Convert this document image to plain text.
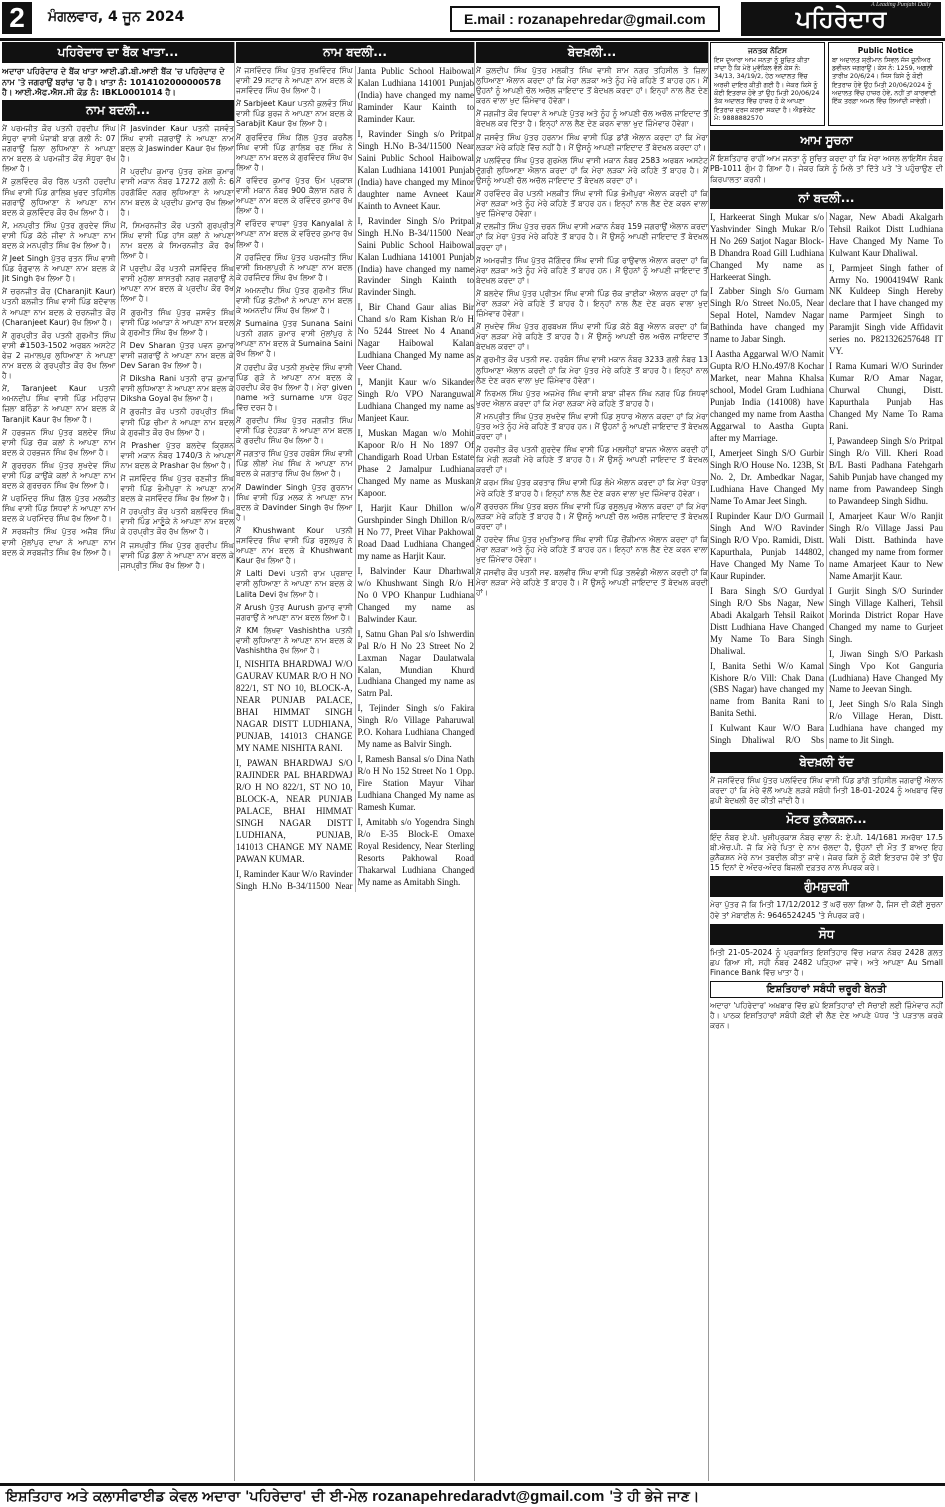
2	ਮੰਗਲਵਾਰ, 4 ਜੂਨ 2024	E.mail : rozanapehredar@gmail.com	ਪਹਿਰੇਦਾਰ
A Leading Punjabi Daily
ਪਹਿਰੇਦਾਰ ਦਾ ਬੈਂਕ ਖਾਤਾ...

ਅਦਾਰਾ ਪਹਿਰੇਦਾਰ ਦੇ ਬੈਂਕ ਖਾਤਾ ਆਈ.ਡੀ.ਬੀ.ਆਈ ਬੈਂਕ 'ਚ ਪਹਿਰੇਦਾਰ ਦੇ ਨਾਮ 'ਤੇ ਜਗਰਾਉਂ ਬਰਾਂਚ 'ਚ ਹੈ। ਖਾਤਾ ਨੰ: 1014102000000578 ਹੈ। ਆਈ.ਐਫ.ਐਸ.ਸੀ ਕੋਡ ਨੰ: IBKL0001014 ਹੈ।

ਨਾਮ ਬਦਲੀ...

ਮੈਂ ਪਰਮਜੀਤ ਕੌਰ ਪਤਨੀ ਹਰਦੀਪ ਸਿੰਘ ਸੰਧੂਰਾ ਵਾਸੀ ਪੰਜਾਬੀ ਬਾਗ ਗਲੀ ਨੰ: 07 ਜਗਰਾਉਂ ਜ਼ਿਲਾ ਲੁਧਿਆਣਾ ਨੇ ਆਪਣਾ ਨਾਮ ਬਦਲ ਕੇ ਪਰਮਜੀਤ ਕੌਰ ਸੰਧੂਰਾ ਰੱਖ ਲਿਆ ਹੈ।

ਮੈਂ ਕੁਲਵਿੰਦਰ ਕੌਰ ਰਿੱਲ ਪਤਨੀ ਹਰਦੀਪ ਸਿੰਘ ਵਾਸੀ ਪਿੰਡ ਗਾਲਿਬ ਖੁਰਦ ਤਹਿਸੀਲ ਜਗਰਾਉਂ ਲੁਧਿਆਣਾ ਨੇ ਆਪਣਾ ਨਾਮ ਬਦਲ ਕੇ ਕੁਲਵਿੰਦਰ ਕੌਰ ਰੱਖ ਲਿਆ ਹੈ।

ਮੈਂ, ਮਨਪ੍ਰੀਤ ਸਿੰਘ ਪੁੱਤਰ ਗੁਰਦੇਵ ਸਿੰਘ ਵਾਸੀ ਪਿੰਡ ਕੋਠੇ ਜੀਵਾ ਨੇ ਆਪਣਾ ਨਾਮ ਬਦਲ ਕੇ ਮਨਪ੍ਰੀਤ ਸਿੰਘ ਰੱਖ ਲਿਆ ਹੈ।

ਮੈਂ Jeet Singh ਪੁੱਤਰ ਰਤਨ ਸਿੰਘ ਵਾਸੀ ਪਿੰਡ ਰੰਗੂਵਾਲ ਨੇ ਆਪਣਾ ਨਾਮ ਬਦਲ ਕੇ Jit Singh ਰੱਖ ਲਿਆ ਹੈ।

ਮੈਂ ਚਰਨਜੀਤ ਕੌਰ (Charanjit Kaur) ਪਤਨੀ ਬਲਜੀਤ ਸਿੰਘ ਵਾਸੀ ਪਿੰਡ ਬਦੋਵਾਲ ਨੇ ਆਪਣਾ ਨਾਮ ਬਦਲ ਕੇ ਚਰਨਜੀਤ ਕੌਰ (Charanjeet Kaur) ਰੱਖ ਲਿਆ ਹੈ।

ਮੈਂ ਗੁਰਪ੍ਰੀਤ ਕੌਰ ਪਤਨੀ ਗੁਰਮੀਤ ਸਿੰਘ ਵਾਸੀ #1503-1502 ਅਰਬਨ ਅਸਟੇਟ ਫੇਜ਼ 2 ਜਮਾਲਪੁਰ ਲੁਧਿਆਣਾ ਨੇ ਆਪਣਾ ਨਾਮ ਬਦਲ ਕੇ ਗੁਰਪ੍ਰੀਤ ਕੌਰ ਰੱਖ ਲਿਆ ਹੈ।

ਮੈਂ, Taranjeet Kaur ਪਤਨੀ ਅਮਨਦੀਪ ਸਿੰਘ ਵਾਸੀ ਪਿੰਡ ਮਹਿਰਾਜ ਜ਼ਿਲਾ ਬਠਿੰਡਾ ਨੇ ਆਪਣਾ ਨਾਮ ਬਦਲ ਕੇ Taranjit Kaur ਰੱਖ ਲਿਆ ਹੈ।

ਮੈਂ ਹਰਭਜਨ ਸਿੰਘ ਪੁੱਤਰ ਬਲਦੇਵ ਸਿੰਘ ਵਾਸੀ ਪਿੰਡ ਚੱਕ ਕਲਾਂ ਨੇ ਆਪਣਾ ਨਾਮ ਬਦਲ ਕੇ ਹਰਭਜਨ ਸਿੰਘ ਰੱਖ ਲਿਆ ਹੈ।

ਮੈਂ ਗੁਰਚਰਨ ਸਿੰਘ ਪੁੱਤਰ ਸੁਖਦੇਵ ਸਿੰਘ ਵਾਸੀ ਪਿੰਡ ਕਾਉਂਕੇ ਕਲਾਂ ਨੇ ਆਪਣਾ ਨਾਮ ਬਦਲ ਕੇ ਗੁਰਚਰਨ ਸਿੰਘ ਰੱਖ ਲਿਆ ਹੈ।

ਮੈਂ ਪਰਮਿੰਦਰ ਸਿੰਘ ਗਿੱਲ ਪੁੱਤਰ ਮਲਕੀਤ ਸਿੰਘ ਵਾਸੀ ਪਿੰਡ ਸਿਧਵਾਂ ਨੇ ਆਪਣਾ ਨਾਮ ਬਦਲ ਕੇ ਪਰਮਿੰਦਰ ਸਿੰਘ ਰੱਖ ਲਿਆ ਹੈ।

ਮੈਂ ਸਰਬਜੀਤ ਸਿੰਘ ਪੁੱਤਰ ਅਜੈਬ ਸਿੰਘ ਵਾਸੀ ਮੁੱਲਾਂਪੁਰ ਦਾਖਾ ਨੇ ਆਪਣਾ ਨਾਮ ਬਦਲ ਕੇ ਸਰਬਜੀਤ ਸਿੰਘ ਰੱਖ ਲਿਆ ਹੈ।

ਮੈਂ Jasvinder Kaur ਪਤਨੀ ਜਸਵੰਤ ਸਿੰਘ ਵਾਸੀ ਜਗਰਾਉਂ ਨੇ ਆਪਣਾ ਨਾਮ ਬਦਲ ਕੇ Jaswinder Kaur ਰੱਖ ਲਿਆ ਹੈ।

ਮੈਂ ਪ੍ਰਦੀਪ ਕੁਮਾਰ ਪੁੱਤਰ ਰਮੇਸ਼ ਕੁਮਾਰ ਵਾਸੀ ਮਕਾਨ ਨੰਬਰ 17272 ਗਲੀ ਨੰ: 6 ਹਰਗੋਬਿੰਦ ਨਗਰ ਲੁਧਿਆਣਾ ਨੇ ਆਪਣਾ ਨਾਮ ਬਦਲ ਕੇ ਪ੍ਰਦੀਪ ਕੁਮਾਰ ਰੱਖ ਲਿਆ ਹੈ।

ਮੈਂ, ਸਿਮਰਨਜੀਤ ਕੌਰ ਪਤਨੀ ਗੁਰਪ੍ਰੀਤ ਸਿੰਘ ਵਾਸੀ ਪਿੰਡ ਹਾਂਸ ਕਲਾਂ ਨੇ ਆਪਣਾ ਨਾਮ ਬਦਲ ਕੇ ਸਿਮਰਨਜੀਤ ਕੌਰ ਰੱਖ ਲਿਆ ਹੈ।

ਮੈਂ ਪ੍ਰਦੀਪ ਕੌਰ ਪਤਨੀ ਜਸਵਿੰਦਰ ਸਿੰਘ ਵਾਸੀ ਮੁਹੱਲਾ ਸ਼ਾਸਤਰੀ ਨਗਰ ਜਗਰਾਉਂ ਨੇ ਆਪਣਾ ਨਾਮ ਬਦਲ ਕੇ ਪ੍ਰਦੀਪ ਕੌਰ ਰੱਖ ਲਿਆ ਹੈ।

ਮੈਂ ਗੁਰਮੀਤ ਸਿੰਘ ਪੁੱਤਰ ਜਸਵੰਤ ਸਿੰਘ ਵਾਸੀ ਪਿੰਡ ਅਖਾੜਾ ਨੇ ਆਪਣਾ ਨਾਮ ਬਦਲ ਕੇ ਗੁਰਮੀਤ ਸਿੰਘ ਰੱਖ ਲਿਆ ਹੈ।

ਮੈਂ Dev Sharan ਪੁੱਤਰ ਪਵਨ ਕੁਮਾਰ ਵਾਸੀ ਜਗਰਾਉਂ ਨੇ ਆਪਣਾ ਨਾਮ ਬਦਲ ਕੇ Dev Saran ਰੱਖ ਲਿਆ ਹੈ।

ਮੈਂ Diksha Rani ਪਤਨੀ ਰਾਜ ਕੁਮਾਰ ਵਾਸੀ ਲੁਧਿਆਣਾ ਨੇ ਆਪਣਾ ਨਾਮ ਬਦਲ ਕੇ Diksha Goyal ਰੱਖ ਲਿਆ ਹੈ।

ਮੈਂ ਗੁਰਜੀਤ ਕੌਰ ਪਤਨੀ ਹਰਪ੍ਰੀਤ ਸਿੰਘ ਵਾਸੀ ਪਿੰਡ ਚੀਮਾ ਨੇ ਆਪਣਾ ਨਾਮ ਬਦਲ ਕੇ ਗੁਰਜੀਤ ਕੌਰ ਰੱਖ ਲਿਆ ਹੈ।

ਮੈਂ Prasher ਪੁੱਤਰ ਬਲਦੇਵ ਕ੍ਰਿਸ਼ਨ ਵਾਸੀ ਮਕਾਨ ਨੰਬਰ 1740/3 ਨੇ ਆਪਣਾ ਨਾਮ ਬਦਲ ਕੇ Prashar ਰੱਖ ਲਿਆ ਹੈ।

ਮੈਂ ਜਸਵਿੰਦਰ ਸਿੰਘ ਪੁੱਤਰ ਰਣਜੀਤ ਸਿੰਘ ਵਾਸੀ ਪਿੰਡ ਭੰਮੀਪੁਰਾ ਨੇ ਆਪਣਾ ਨਾਮ ਬਦਲ ਕੇ ਜਸਵਿੰਦਰ ਸਿੰਘ ਰੱਖ ਲਿਆ ਹੈ।

ਮੈਂ ਹਰਪ੍ਰੀਤ ਕੌਰ ਪਤਨੀ ਬਲਵਿੰਦਰ ਸਿੰਘ ਵਾਸੀ ਪਿੰਡ ਮਾਣੂੰਕੇ ਨੇ ਆਪਣਾ ਨਾਮ ਬਦਲ ਕੇ ਹਰਪ੍ਰੀਤ ਕੌਰ ਰੱਖ ਲਿਆ ਹੈ।

ਮੈਂ ਜਸਪ੍ਰੀਤ ਸਿੰਘ ਪੁੱਤਰ ਗੁਰਦੀਪ ਸਿੰਘ ਵਾਸੀ ਪਿੰਡ ਡੱਲਾ ਨੇ ਆਪਣਾ ਨਾਮ ਬਦਲ ਕੇ ਜਸਪ੍ਰੀਤ ਸਿੰਘ ਰੱਖ ਲਿਆ ਹੈ।

ਨਾਮ ਬਦਲੀ...

ਮੈਂ ਜਸਵਿੰਦਰ ਸਿੰਘ ਪੁੱਤਰ ਸੁਖਵਿੰਦਰ ਸਿੰਘ ਵਾਸੀ 29 ਸਟਾਰ ਨੇ ਆਪਣਾ ਨਾਮ ਬਦਲ ਕੇ ਜਸਵਿੰਦਰ ਸਿੰਘ ਰੱਖ ਲਿਆ ਹੈ।

ਮੈਂ Sarbjeet Kaur ਪਤਨੀ ਕੁਲਵੰਤ ਸਿੰਘ ਵਾਸੀ ਪਿੰਡ ਬੁਰਜ ਨੇ ਆਪਣਾ ਨਾਮ ਬਦਲ ਕੇ Sarabjit Kaur ਰੱਖ ਲਿਆ ਹੈ।

ਮੈਂ ਗੁਰਵਿੰਦਰ ਸਿੰਘ ਗਿੱਲ ਪੁੱਤਰ ਕਰਨੈਲ ਸਿੰਘ ਵਾਸੀ ਪਿੰਡ ਗਾਲਿਬ ਰਣ ਸਿੰਘ ਨੇ ਆਪਣਾ ਨਾਮ ਬਦਲ ਕੇ ਗੁਰਵਿੰਦਰ ਸਿੰਘ ਰੱਖ ਲਿਆ ਹੈ।

ਮੈਂ ਰਵਿੰਦਰ ਕੁਮਾਰ ਪੁੱਤਰ ਓਮ ਪ੍ਰਕਾਸ਼ ਵਾਸੀ ਮਕਾਨ ਨੰਬਰ 900 ਕੈਲਾਸ਼ ਨਗਰ ਨੇ ਆਪਣਾ ਨਾਮ ਬਦਲ ਕੇ ਰਵਿੰਦਰ ਕੁਮਾਰ ਰੱਖ ਲਿਆ ਹੈ।

ਮੈਂ ਵਰਿੰਦਰ ਵਾਧਵਾ ਪੁੱਤਰ Kanyalal ਨੇ ਆਪਣਾ ਨਾਮ ਬਦਲ ਕੇ ਵਰਿੰਦਰ ਕੁਮਾਰ ਰੱਖ ਲਿਆ ਹੈ।

ਮੈਂ ਹਰਜਿੰਦਰ ਸਿੰਘ ਪੁੱਤਰ ਪਰਮਜੀਤ ਸਿੰਘ ਵਾਸੀ ਸ਼ਿਮਲਾਪੁਰੀ ਨੇ ਆਪਣਾ ਨਾਮ ਬਦਲ ਕੇ ਹਰਜਿੰਦਰ ਸਿੰਘ ਰੱਖ ਲਿਆ ਹੈ।

ਮੈਂ ਅਮਨਦੀਪ ਸਿੰਘ ਪੁੱਤਰ ਗੁਰਮੀਤ ਸਿੰਘ ਵਾਸੀ ਪਿੰਡ ਭੱਟੀਆਂ ਨੇ ਆਪਣਾ ਨਾਮ ਬਦਲ ਕੇ ਅਮਨਦੀਪ ਸਿੰਘ ਰੱਖ ਲਿਆ ਹੈ।

ਮੈਂ Sumaina ਪੁੱਤਰ Sunana Saini ਪਤਨੀ ਗਗਨ ਕੁਮਾਰ ਵਾਸੀ ਮੁੱਲਾਂਪੁਰ ਨੇ ਆਪਣਾ ਨਾਮ ਬਦਲ ਕੇ Sumaina Saini ਰੱਖ ਲਿਆ ਹੈ।

ਮੈਂ ਹਰਦੀਪ ਕੌਰ ਪਤਨੀ ਸੁਖਦੇਵ ਸਿੰਘ ਵਾਸੀ ਪਿੰਡ ਗੁੜੇ ਨੇ ਆਪਣਾ ਨਾਮ ਬਦਲ ਕੇ ਹਰਦੀਪ ਕੌਰ ਰੱਖ ਲਿਆ ਹੈ। ਮੇਰਾ given name ਅਤੇ surname ਪਾਸ ਪੋਰਟ ਵਿੱਚ ਦਰਜ ਹੈ।

ਮੈਂ ਗੁਰਦੀਪ ਸਿੰਘ ਪੁੱਤਰ ਜਗਜੀਤ ਸਿੰਘ ਵਾਸੀ ਪਿੰਡ ਦੇਹੜਕਾ ਨੇ ਆਪਣਾ ਨਾਮ ਬਦਲ ਕੇ ਗੁਰਦੀਪ ਸਿੰਘ ਰੱਖ ਲਿਆ ਹੈ।

ਮੈਂ ਜਗਤਾਰ ਸਿੰਘ ਪੁੱਤਰ ਹਰਬੰਸ ਸਿੰਘ ਵਾਸੀ ਪਿੰਡ ਲੀਲਾਂ ਮੇਘ ਸਿੰਘ ਨੇ ਆਪਣਾ ਨਾਮ ਬਦਲ ਕੇ ਜਗਤਾਰ ਸਿੰਘ ਰੱਖ ਲਿਆ ਹੈ।

ਮੈਂ Dawinder Singh ਪੁੱਤਰ ਗੁਰਨਾਮ ਸਿੰਘ ਵਾਸੀ ਪਿੰਡ ਮਲਕ ਨੇ ਆਪਣਾ ਨਾਮ ਬਦਲ ਕੇ Davinder Singh ਰੱਖ ਲਿਆ ਹੈ।

ਮੈਂ Khushwant Kour ਪਤਨੀ ਜਸਵਿੰਦਰ ਸਿੰਘ ਵਾਸੀ ਪਿੰਡ ਰਸੂਲਪੁਰ ਨੇ ਆਪਣਾ ਨਾਮ ਬਦਲ ਕੇ Khushwant Kaur ਰੱਖ ਲਿਆ ਹੈ।

ਮੈਂ Lalti Devi ਪਤਨੀ ਰਾਮ ਪ੍ਰਸ਼ਾਦ ਵਾਸੀ ਲੁਧਿਆਣਾ ਨੇ ਆਪਣਾ ਨਾਮ ਬਦਲ ਕੇ Lalita Devi ਰੱਖ ਲਿਆ ਹੈ।

ਮੈਂ Arush ਪੁੱਤਰ Aurush ਕੁਮਾਰ ਵਾਸੀ ਜਗਰਾਉਂ ਨੇ ਆਪਣਾ ਨਾਮ ਬਦਲ ਲਿਆ ਹੈ।

ਮੈਂ KM ਲਿਖਵਾ Vashishtha ਪਤਨੀ ਵਾਸੀ ਲੁਧਿਆਣਾ ਨੇ ਆਪਣਾ ਨਾਮ ਬਦਲ ਕੇ Vashishtha ਰੱਖ ਲਿਆ ਹੈ।

I, NISHITA BHARDWAJ W/O GAURAV KUMAR R/O H NO 822/1, ST NO 10, BLOCK-A, NEAR PUNJAB PALACE, BHAI HIMMAT SINGH NAGAR DISTT LUDHIANA, PUNJAB, 141013 CHANGE MY NAME NISHITA RANI.

I, PAWAN BHARDWAJ S/O RAJINDER PAL BHARDWAJ R/O H NO 822/1, ST NO 10, BLOCK-A, NEAR PUNJAB PALACE, BHAI HIMMAT SINGH NAGAR DISTT LUDHIANA, PUNJAB, 141013 CHANGE MY NAME PAWAN KUMAR.

I, Raminder Kaur W/o Ravinder Singh H.No B-34/11500 Near Janta Public School Haibowal Kalan Ludhiana 141001 Punjab (India) have changed my name Raminder Kaur Kainth to Raminder Kaur.

I, Ravinder Singh s/o Pritpal Singh H.No B-34/11500 Near Saini Public School Haibowal Kalan Ludhiana 141001 Punjab (India) have changed my Minor daughter name Avneet Kaur Kainth to Avneet Kaur.

I, Ravinder Singh S/o Pritpal Singh H.No B-34/11500 Near Saini Public School Haibowal Kalan Ludhiana 141001 Punjab (India) have changed my name Ravinder Singh Kainth to Ravinder Singh.

I, Bir Chand Gaur alias Bir Chand s/o Ram Kishan R/o H No 5244 Street No 4 Anand Nagar Haibowal Kalan Ludhiana Changed My name as Veer Chand.

I, Manjit Kaur w/o Sikander Singh R/o VPO Naranguwal Ludhiana Changed my name as Manjeet Kaur.

I, Muskan Magan w/o Mohit Kapoor R/o H No 1897 Of Chandigarh Road Urban Estate Phase 2 Jamalpur Ludhiana Changed My name as Muskan Kapoor.

I, Harjit Kaur Dhillon w/o Gurshpinder Singh Dhillon R/o H No 77, Preet Vihar Pakhowal Road Daad Ludhiana Changed my name as Harjit Kaur.

I, Balvinder Kaur Dharhwal w/o Khushwant Singh R/o H No 0 VPO Khanpur Ludhiana Changed my name as Balwinder Kaur.

I, Satnu Ghan Pal s/o Ishwerdin Pal R/o H No 23 Street No 2 Laxman Nagar Daulatwala Kalan, Mundian Khurd Ludhiana Changed my name as Satrn Pal.

I, Tejinder Singh s/o Fakira Singh R/o Village Paharuwal P.O. Kohara Ludhiana Changed My name as Balvir Singh.

I, Ramesh Bansal s/o Dina Nath R/o H No 152 Street No 1 Opp. Fire Station Mayur Vihar Ludhiana Changed My name as Ramesh Kumar.

I, Amitabh s/o Yogendra Singh R/o E-35 Block-E Omaxe Royal Residency, Near Sterling Resorts Pakhowal Road Thakarwal Ludhiana Changed My name as Amitabh Singh.

ਬੇਦਖ਼ਲੀ...

ਮੈਂ ਕੁਲਦੀਪ ਸਿੰਘ ਪੁੱਤਰ ਮਲਕੀਤ ਸਿੰਘ ਵਾਸੀ ਸ਼ਾਮ ਨਗਰ ਤਹਿਸੀਲ ਤੇ ਜ਼ਿਲਾ ਲੁਧਿਆਣਾ ਐਲਾਨ ਕਰਦਾ ਹਾਂ ਕਿ ਮੇਰਾ ਲੜਕਾ ਅਤੇ ਨੂੰਹ ਮੇਰੇ ਕਹਿਣੇ ਤੋਂ ਬਾਹਰ ਹਨ। ਮੈਂ ਉਹਨਾਂ ਨੂੰ ਆਪਣੀ ਚੱਲ ਅਚੱਲ ਜਾਇਦਾਦ ਤੋਂ ਬੇਦਖ਼ਲ ਕਰਦਾ ਹਾਂ। ਇਨ੍ਹਾਂ ਨਾਲ ਲੈਣ ਦੇਣ ਕਰਨ ਵਾਲਾ ਖੁਦ ਜ਼ਿੰਮੇਵਾਰ ਹੋਵੇਗਾ।

ਮੈਂ ਜਗਜੀਤ ਕੌਰ ਵਿਧਵਾ ਨੇ ਆਪਣੇ ਪੁੱਤਰ ਅਤੇ ਨੂੰਹ ਨੂੰ ਆਪਣੀ ਚੱਲ ਅਚੱਲ ਜਾਇਦਾਦ ਤੋਂ ਬੇਦਖ਼ਲ ਕਰ ਦਿੱਤਾ ਹੈ। ਇਨ੍ਹਾਂ ਨਾਲ ਲੈਣ ਦੇਣ ਕਰਨ ਵਾਲਾ ਖੁਦ ਜ਼ਿੰਮੇਵਾਰ ਹੋਵੇਗਾ।

ਮੈਂ ਜਸਵੰਤ ਸਿੰਘ ਪੁੱਤਰ ਹਰਨਾਮ ਸਿੰਘ ਵਾਸੀ ਪਿੰਡ ਡਾਂਗੋ ਐਲਾਨ ਕਰਦਾ ਹਾਂ ਕਿ ਮੇਰਾ ਲੜਕਾ ਮੇਰੇ ਕਹਿਣੇ ਵਿੱਚ ਨਹੀਂ ਹੈ। ਮੈਂ ਉਸਨੂੰ ਆਪਣੀ ਜਾਇਦਾਦ ਤੋਂ ਬੇਦਖ਼ਲ ਕਰਦਾ ਹਾਂ।

ਮੈਂ ਪਲਵਿੰਦਰ ਸਿੰਘ ਪੁੱਤਰ ਗੁਰਮੇਲ ਸਿੰਘ ਵਾਸੀ ਮਕਾਨ ਨੰਬਰ 2583 ਅਰਬਨ ਅਸਟੇਟ ਦੁੱਗਰੀ ਲੁਧਿਆਣਾ ਐਲਾਨ ਕਰਦਾ ਹਾਂ ਕਿ ਮੇਰਾ ਲੜਕਾ ਮੇਰੇ ਕਹਿਣੇ ਤੋਂ ਬਾਹਰ ਹੈ। ਮੈਂ ਉਸਨੂੰ ਆਪਣੀ ਚੱਲ ਅਚੱਲ ਜਾਇਦਾਦ ਤੋਂ ਬੇਦਖ਼ਲ ਕਰਦਾ ਹਾਂ।

ਮੈਂ ਹਰਵਿੰਦਰ ਕੌਰ ਪਤਨੀ ਮਲਕੀਤ ਸਿੰਘ ਵਾਸੀ ਪਿੰਡ ਭੰਮੀਪੁਰਾ ਐਲਾਨ ਕਰਦੀ ਹਾਂ ਕਿ ਮੇਰਾ ਲੜਕਾ ਅਤੇ ਨੂੰਹ ਮੇਰੇ ਕਹਿਣੇ ਤੋਂ ਬਾਹਰ ਹਨ। ਇਨ੍ਹਾਂ ਨਾਲ ਲੈਣ ਦੇਣ ਕਰਨ ਵਾਲਾ ਖੁਦ ਜ਼ਿੰਮੇਵਾਰ ਹੋਵੇਗਾ।

ਮੈਂ ਦਲਜੀਤ ਸਿੰਘ ਪੁੱਤਰ ਚਰਨ ਸਿੰਘ ਵਾਸੀ ਮਕਾਨ ਨੰਬਰ 159 ਜਗਰਾਉਂ ਐਲਾਨ ਕਰਦਾ ਹਾਂ ਕਿ ਮੇਰਾ ਪੁੱਤਰ ਮੇਰੇ ਕਹਿਣੇ ਤੋਂ ਬਾਹਰ ਹੈ। ਮੈਂ ਉਸਨੂੰ ਆਪਣੀ ਜਾਇਦਾਦ ਤੋਂ ਬੇਦਖ਼ਲ ਕਰਦਾ ਹਾਂ।

ਮੈਂ ਅਮਰਜੀਤ ਸਿੰਘ ਪੁੱਤਰ ਜੋਗਿੰਦਰ ਸਿੰਘ ਵਾਸੀ ਪਿੰਡ ਰਾਉਵਾਲ ਐਲਾਨ ਕਰਦਾ ਹਾਂ ਕਿ ਮੇਰਾ ਲੜਕਾ ਅਤੇ ਨੂੰਹ ਮੇਰੇ ਕਹਿਣੇ ਤੋਂ ਬਾਹਰ ਹਨ। ਮੈਂ ਉਹਨਾਂ ਨੂੰ ਆਪਣੀ ਜਾਇਦਾਦ ਤੋਂ ਬੇਦਖ਼ਲ ਕਰਦਾ ਹਾਂ।

ਮੈਂ ਬਲਦੇਵ ਸਿੰਘ ਪੁੱਤਰ ਪ੍ਰੀਤਮ ਸਿੰਘ ਵਾਸੀ ਪਿੰਡ ਚੱਕ ਭਾਈਕਾ ਐਲਾਨ ਕਰਦਾ ਹਾਂ ਕਿ ਮੇਰਾ ਲੜਕਾ ਮੇਰੇ ਕਹਿਣੇ ਤੋਂ ਬਾਹਰ ਹੈ। ਇਨ੍ਹਾਂ ਨਾਲ ਲੈਣ ਦੇਣ ਕਰਨ ਵਾਲਾ ਖੁਦ ਜ਼ਿੰਮੇਵਾਰ ਹੋਵੇਗਾ।

ਮੈਂ ਸੁਖਦੇਵ ਸਿੰਘ ਪੁੱਤਰ ਗੁਰਬਖਸ਼ ਸਿੰਘ ਵਾਸੀ ਪਿੰਡ ਕੋਠੇ ਬੱਗੂ ਐਲਾਨ ਕਰਦਾ ਹਾਂ ਕਿ ਮੇਰਾ ਲੜਕਾ ਮੇਰੇ ਕਹਿਣੇ ਤੋਂ ਬਾਹਰ ਹੈ। ਮੈਂ ਉਸਨੂੰ ਆਪਣੀ ਚੱਲ ਅਚੱਲ ਜਾਇਦਾਦ ਤੋਂ ਬੇਦਖ਼ਲ ਕਰਦਾ ਹਾਂ।

ਮੈਂ ਗੁਰਮੀਤ ਕੌਰ ਪਤਨੀ ਸਵ. ਹਰਬੰਸ ਸਿੰਘ ਵਾਸੀ ਮਕਾਨ ਨੰਬਰ 3233 ਗਲੀ ਨੰਬਰ 13 ਲੁਧਿਆਣਾ ਐਲਾਨ ਕਰਦੀ ਹਾਂ ਕਿ ਮੇਰਾ ਪੁੱਤਰ ਮੇਰੇ ਕਹਿਣੇ ਤੋਂ ਬਾਹਰ ਹੈ। ਇਨ੍ਹਾਂ ਨਾਲ ਲੈਣ ਦੇਣ ਕਰਨ ਵਾਲਾ ਖੁਦ ਜ਼ਿੰਮੇਵਾਰ ਹੋਵੇਗਾ।

ਮੈਂ ਨਿਰਮਲ ਸਿੰਘ ਪੁੱਤਰ ਅਜਮੇਰ ਸਿੰਘ ਵਾਸੀ ਬਾਬਾ ਜੀਵਨ ਸਿੰਘ ਨਗਰ ਪਿੰਡ ਸਿਧਵਾਂ ਖੁਰਦ ਐਲਾਨ ਕਰਦਾ ਹਾਂ ਕਿ ਮੇਰਾ ਲੜਕਾ ਮੇਰੇ ਕਹਿਣੇ ਤੋਂ ਬਾਹਰ ਹੈ।

ਮੈਂ ਮਨਪ੍ਰੀਤ ਸਿੰਘ ਪੁੱਤਰ ਸੁਖਦੇਵ ਸਿੰਘ ਵਾਸੀ ਪਿੰਡ ਸੁਧਾਰ ਐਲਾਨ ਕਰਦਾ ਹਾਂ ਕਿ ਮੇਰਾ ਪੁੱਤਰ ਅਤੇ ਨੂੰਹ ਮੇਰੇ ਕਹਿਣੇ ਤੋਂ ਬਾਹਰ ਹਨ। ਮੈਂ ਉਹਨਾਂ ਨੂੰ ਆਪਣੀ ਜਾਇਦਾਦ ਤੋਂ ਬੇਦਖ਼ਲ ਕਰਦਾ ਹਾਂ।

ਮੈਂ ਹਰਜੀਤ ਕੌਰ ਪਤਨੀ ਗੁਰਦੇਵ ਸਿੰਘ ਵਾਸੀ ਪਿੰਡ ਮਲਸੀਹਾਂ ਬਾਜਨ ਐਲਾਨ ਕਰਦੀ ਹਾਂ ਕਿ ਮੇਰੀ ਲੜਕੀ ਮੇਰੇ ਕਹਿਣੇ ਤੋਂ ਬਾਹਰ ਹੈ। ਮੈਂ ਉਸਨੂੰ ਆਪਣੀ ਜਾਇਦਾਦ ਤੋਂ ਬੇਦਖ਼ਲ ਕਰਦੀ ਹਾਂ।

ਮੈਂ ਕਰਮ ਸਿੰਘ ਪੁੱਤਰ ਕਰਤਾਰ ਸਿੰਘ ਵਾਸੀ ਪਿੰਡ ਲੰਮੇ ਐਲਾਨ ਕਰਦਾ ਹਾਂ ਕਿ ਮੇਰਾ ਪੋਤਰਾ ਮੇਰੇ ਕਹਿਣੇ ਤੋਂ ਬਾਹਰ ਹੈ। ਇਨ੍ਹਾਂ ਨਾਲ ਲੈਣ ਦੇਣ ਕਰਨ ਵਾਲਾ ਖੁਦ ਜ਼ਿੰਮੇਵਾਰ ਹੋਵੇਗਾ।

ਮੈਂ ਗੁਰਚਰਨ ਸਿੰਘ ਪੁੱਤਰ ਬਚਨ ਸਿੰਘ ਵਾਸੀ ਪਿੰਡ ਰਸੂਲਪੁਰ ਐਲਾਨ ਕਰਦਾ ਹਾਂ ਕਿ ਮੇਰਾ ਲੜਕਾ ਮੇਰੇ ਕਹਿਣੇ ਤੋਂ ਬਾਹਰ ਹੈ। ਮੈਂ ਉਸਨੂੰ ਆਪਣੀ ਚੱਲ ਅਚੱਲ ਜਾਇਦਾਦ ਤੋਂ ਬੇਦਖ਼ਲ ਕਰਦਾ ਹਾਂ।

ਮੈਂ ਹਰਦੇਵ ਸਿੰਘ ਪੁੱਤਰ ਮੁਖਤਿਆਰ ਸਿੰਘ ਵਾਸੀ ਪਿੰਡ ਚੌਂਕੀਮਾਨ ਐਲਾਨ ਕਰਦਾ ਹਾਂ ਕਿ ਮੇਰਾ ਲੜਕਾ ਅਤੇ ਨੂੰਹ ਮੇਰੇ ਕਹਿਣੇ ਤੋਂ ਬਾਹਰ ਹਨ। ਇਨ੍ਹਾਂ ਨਾਲ ਲੈਣ ਦੇਣ ਕਰਨ ਵਾਲਾ ਖੁਦ ਜ਼ਿੰਮੇਵਾਰ ਹੋਵੇਗਾ।

ਮੈਂ ਜਸਵੀਰ ਕੌਰ ਪਤਨੀ ਸਵ. ਬਲਵੀਰ ਸਿੰਘ ਵਾਸੀ ਪਿੰਡ ਤਲਵੰਡੀ ਐਲਾਨ ਕਰਦੀ ਹਾਂ ਕਿ ਮੇਰਾ ਲੜਕਾ ਮੇਰੇ ਕਹਿਣੇ ਤੋਂ ਬਾਹਰ ਹੈ। ਮੈਂ ਉਸਨੂੰ ਆਪਣੀ ਜਾਇਦਾਦ ਤੋਂ ਬੇਦਖ਼ਲ ਕਰਦੀ ਹਾਂ।

ਜਨਤਕ ਨੋਟਿਸ
ਇਸ ਦੁਆਰਾ ਆਮ ਜਨਤਾ ਨੂੰ ਸੂਚਿਤ ਕੀਤਾ ਜਾਂਦਾ ਹੈ ਕਿ ਮੇਰੇ ਮੁਵੱਕਿਲ ਵੱਲੋਂ ਕੇਸ ਨੰ: 34/13, 34/19/2, ਹੇਠ ਅਦਾਲਤ ਵਿੱਚ ਅਰਜ਼ੀ ਦਾਇਰ ਕੀਤੀ ਗਈ ਹੈ। ਜੇਕਰ ਕਿਸੇ ਨੂੰ ਕੋਈ ਇਤਰਾਜ਼ ਹੋਵੇ ਤਾਂ ਉਹ ਮਿਤੀ 20/06/24 ਤੱਕ ਅਦਾਲਤ ਵਿੱਚ ਹਾਜ਼ਰ ਹੋ ਕੇ ਆਪਣਾ ਇਤਰਾਜ਼ ਦਰਜ ਕਰਵਾ ਸਕਦਾ ਹੈ। ਐਡਵੋਕੇਟ ਮੋ: 9888882570
Public Notice
ਬਾ ਅਦਾਲਤ ਸ਼੍ਰੀਮਾਨ ਸਿਵਲ ਜੱਜ ਜੂਨੀਅਰ ਡਵੀਜ਼ਨ ਜਗਰਾਉਂ। ਕੇਸ ਨੰ: 1259, ਅਗਲੀ ਤਾਰੀਖ਼ 20/6/24। ਜਿਸ ਕਿਸੇ ਨੂੰ ਕੋਈ ਇਤਰਾਜ਼ ਹੋਵੇ ਉਹ ਮਿਤੀ 20/06/2024 ਨੂੰ ਅਦਾਲਤ ਵਿੱਚ ਹਾਜ਼ਰ ਹੋਵੇ, ਨਹੀਂ ਤਾਂ ਕਾਰਵਾਈ ਇੱਕ ਤਰਫ਼ਾ ਅਮਲ ਵਿੱਚ ਲਿਆਂਦੀ ਜਾਵੇਗੀ।
ਆਮ ਸੂਚਨਾ

ਮੈਂ ਇਸ਼ਤਿਹਾਰ ਰਾਹੀਂ ਆਮ ਜਨਤਾ ਨੂੰ ਸੂਚਿਤ ਕਰਦਾ ਹਾਂ ਕਿ ਮੇਰਾ ਅਸਲ ਲਾਇਸੈਂਸ ਨੰਬਰ PB-1011 ਗੁੰਮ ਹੋ ਗਿਆ ਹੈ। ਜੇਕਰ ਕਿਸੇ ਨੂੰ ਮਿਲੇ ਤਾਂ ਦਿੱਤੇ ਪਤੇ 'ਤੇ ਪਹੁੰਚਾਉਣ ਦੀ ਕਿਰਪਾਲਤਾ ਕਰਨੀ।

ਨਾਂ ਬਦਲੀ...

I, Harkeerat Singh Mukar s/o Yashvinder Singh Mukar R/o H No 269 Satjot Nagar Block-B Dhandra Road Gill Ludhiana Changed My name as Harkeerat Singh.

I Zabber Singh S/o Gurnam Singh R/o Street No.05, Near Sepal Hotel, Namdev Nagar Bathinda have changed my name to Jabar Singh.

I Aastha Aggarwal W/O Namit Gupta R/O H.No.497/8 Kochar Market, near Mahna Khalsa school, Model Gram Ludhiana Punjab India (141008) have changed my name from Aastha Aggarwal to Aastha Gupta after my Marriage.

I, Amerjeet Singh S/O Gurbir Singh R/O House No. 123B, St No. 2, Dr. Ambedkar Nagar, Ludhiana Have Changed My Name To Amar Jeet Singh.

I Rupinder Kaur D/O Gurmail Singh And W/O Ravinder Singh R/O Vpo. Ramidi, Distt. Kapurthala, Punjab 144802, Have Changed My Name To Kaur Rupinder.

I Bara Singh S/O Gurdyal Singh R/O Sbs Nagar, New Abadi Akalgarh Tehsil Raikot Distt Ludhiana Have Changed My Name To Bara Singh Dhaliwal.

I, Banita Sethi W/o Kamal Kishore R/o Vill: Chak Dana (SBS Nagar) have changed my name from Banita Rani to Banita Sethi.

I Kulwant Kaur W/O Bara Singh Dhaliwal R/O Sbs Nagar, New Abadi Akalgarh Tehsil Raikot Distt Ludhiana Have Changed My Name To Kulwant Kaur Dhaliwal.

I, Parmjeet Singh father of Army No. 19004194W Rank NK Kuldeep Singh Hereby declare that I have changed my name Parmjeet Singh to Paramjit Singh vide Affidavit series no. P821326257648 IT VY.

I Rama Kumari W/O Surinder Kumar R/O Amar Nagar, Churwal Chungi, Distt. Kapurthala Punjab Has Changed My Name To Rama Rani.

I, Pawandeep Singh S/o Pritpal Singh R/o Vill. Kheri Road B/L Basti Padhana Fatehgarh Sahib Punjab have changed my name from Pawandeep Singh to Pawandeep Singh Sidhu.

I, Amarjeet Kaur W/o Ranjit Singh R/o Village Jassi Pau Wali Distt. Bathinda have changed my name from former name Amarjeet Kaur to New Name Amarjit Kaur.

I Gurjit Singh S/O Surinder Singh Village Kalheri, Tehsil Morinda District Ropar Have Changed my name to Gurjeet Singh.

I, Jiwan Singh S/O Parkash Singh Vpo Kot Ganguria (Ludhiana) Have Changed My Name to Jeevan Singh.

I, Jeet Singh S/o Rala Singh R/o Village Heran, Distt. Ludhiana have changed my name to Jit Singh.

ਬੇਦਖ਼ਲੀ ਰੱਦ

ਮੈਂ ਜਸਵਿੰਦਰ ਸਿੰਘ ਪੁੱਤਰ ਪਲਵਿੰਦਰ ਸਿੰਘ ਵਾਸੀ ਪਿੰਡ ਡਾਂਗੋ ਤਹਿਸੀਲ ਜਗਰਾਉਂ ਐਲਾਨ ਕਰਦਾ ਹਾਂ ਕਿ ਮੇਰੇ ਵੱਲੋਂ ਆਪਣੇ ਲੜਕੇ ਸਬੰਧੀ ਮਿਤੀ 18-01-2024 ਨੂੰ ਅਖ਼ਬਾਰ ਵਿੱਚ ਛਪੀ ਬੇਦਖ਼ਲੀ ਰੱਦ ਕੀਤੀ ਜਾਂਦੀ ਹੈ।

ਮੋਟਰ ਕੁਨੈਕਸ਼ਨ...

ਇੰਦ ਨੰਬਰ ਏ.ਪੀ. ਖੁਸ਼ੀਪ੍ਰਕਾਸ਼ ਨੰਬਰ ਵਾਲਾ ਨੰ: ਏ.ਪੀ. 14/1681 ਸਮਰੱਥਾ 17.5 ਬੀ.ਐਚ.ਪੀ. ਜੋ ਕਿ ਮੇਰੇ ਪਿਤਾ ਦੇ ਨਾਮ ਚੱਲਦਾ ਹੈ, ਉਹਨਾਂ ਦੀ ਮੌਤ ਤੋਂ ਬਾਅਦ ਇਹ ਕੁਨੈਕਸ਼ਨ ਮੇਰੇ ਨਾਮ ਤਬਦੀਲ ਕੀਤਾ ਜਾਵੇ। ਜੇਕਰ ਕਿਸੇ ਨੂੰ ਕੋਈ ਇਤਰਾਜ਼ ਹੋਵੇ ਤਾਂ ਉਹ 15 ਦਿਨਾਂ ਦੇ ਅੰਦਰ-ਅੰਦਰ ਬਿਜਲੀ ਦਫ਼ਤਰ ਨਾਲ ਸੰਪਰਕ ਕਰੇ।

ਗੁੰਮਸ਼ੁਦਗੀ

ਮੇਰਾ ਪੁੱਤਰ ਜੋ ਕਿ ਮਿਤੀ 17/12/2012 ਤੋਂ ਘਰੋਂ ਚਲਾ ਗਿਆ ਹੈ, ਜਿਸ ਦੀ ਕੋਈ ਸੂਚਨਾ ਹੋਵੇ ਤਾਂ ਮੋਬਾਈਲ ਨੰ: 9646524245 'ਤੇ ਸੰਪਰਕ ਕਰੋ।

ਸੋਧ

ਮਿਤੀ 21-05-2024 ਨੂੰ ਪ੍ਰਕਾਸ਼ਿਤ ਇਸ਼ਤਿਹਾਰ ਵਿੱਚ ਮਕਾਨ ਨੰਬਰ 2428 ਗਲਤ ਛਪ ਗਿਆ ਸੀ, ਸਹੀ ਨੰਬਰ 2482 ਪੜ੍ਹਿਆ ਜਾਵੇ। ਅਤੇ ਆਪਣਾ Au Small Finance Bank ਵਿੱਚ ਖਾਤਾ ਹੈ।

ਇਸ਼ਤਿਹਾਰਾਂ ਸਬੰਧੀ ਜ਼ਰੂਰੀ ਬੇਨਤੀ

ਅਦਾਰਾ 'ਪਹਿਰੇਦਾਰ' ਅਖ਼ਬਾਰ ਵਿੱਚ ਛਪੇ ਇਸ਼ਤਿਹਾਰਾਂ ਦੀ ਸੱਚਾਈ ਲਈ ਜ਼ਿੰਮੇਵਾਰ ਨਹੀਂ ਹੈ। ਪਾਠਕ ਇਸ਼ਤਿਹਾਰਾਂ ਸਬੰਧੀ ਕੋਈ ਵੀ ਲੈਣ ਦੇਣ ਆਪਣੇ ਪੱਧਰ 'ਤੇ ਪੜਤਾਲ ਕਰਕੇ ਕਰਨ।

ਇਸ਼ਤਿਹਾਰ ਅਤੇ ਕਲਾਸੀਫਾਈਡ ਕੇਵਲ ਅਦਾਰਾ 'ਪਹਿਰੇਦਾਰ' ਦੀ ਈ-ਮੇਲ rozanapehredaradvt@gmail.com 'ਤੇ ਹੀ ਭੇਜੇ ਜਾਣ।
